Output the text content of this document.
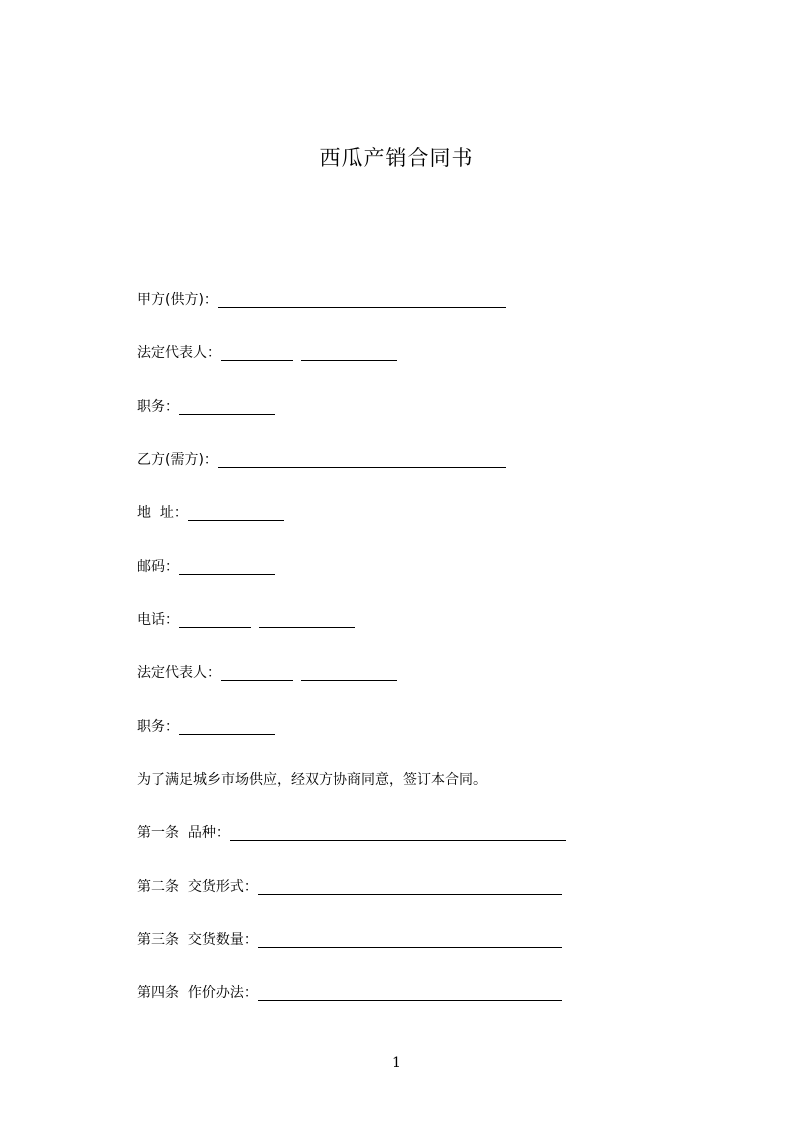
西瓜产销合同书
甲方(供方)：
法定代表人：
职务：
乙方(需方)：
地  址：
邮码：
电话：
法定代表人：
职务：
为了满足城乡市场供应，经双方协商同意，签订本合同。
第一条  品种：
第二条  交货形式：
第三条  交货数量：
第四条  作价办法：
1
